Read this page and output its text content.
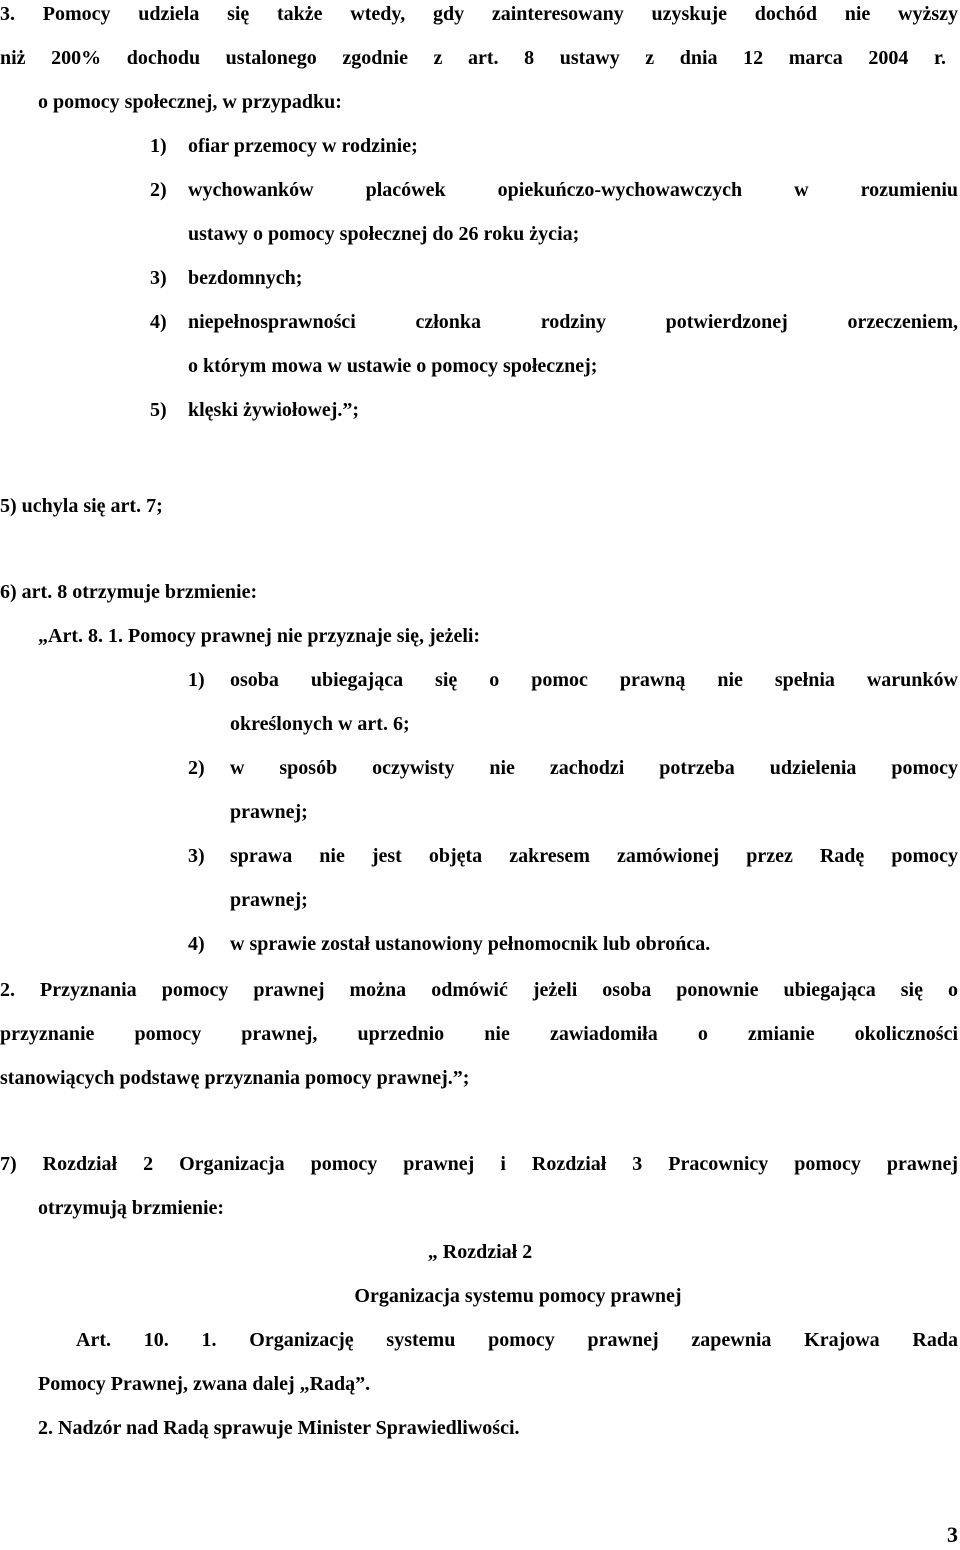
3. Pomocy udziela się także wtedy, gdy zainteresowany uzyskuje dochód nie wyższy
niż 200% dochodu ustalonego zgodnie z art. 8 ustawy z dnia 12 marca 2004 r.
o pomocy społecznej, w przypadku:
1) ofiar przemocy w rodzinie;
2) wychowanków placówek opiekuńczo-wychowawczych w rozumieniu
ustawy o pomocy społecznej do 26 roku życia;
3) bezdomnych;
4) niepełnosprawności członka rodziny potwierdzonej orzeczeniem,
o którym mowa w ustawie o pomocy społecznej;
5) klęski żywiołowej.”;
5) uchyla się art. 7;
6) art. 8 otrzymuje brzmienie:
„Art. 8. 1. Pomocy prawnej nie przyznaje się, jeżeli:
1) osoba ubiegająca się o pomoc prawną nie spełnia warunków
określonych w art. 6;
2) w sposób oczywisty nie zachodzi potrzeba udzielenia pomocy
prawnej;
3) sprawa nie jest objęta zakresem zamówionej przez Radę pomocy
prawnej;
4) w sprawie został ustanowiony pełnomocnik lub obrońca.
2. Przyznania pomocy prawnej można odmówić jeżeli osoba ponownie ubiegająca się o
przyznanie pomocy prawnej, uprzednio nie zawiadomiła o zmianie okoliczności
stanowiących podstawę przyznania pomocy prawnej.”;
7) Rozdział 2 Organizacja pomocy prawnej i Rozdział 3 Pracownicy pomocy prawnej
otrzymują brzmienie:
„ Rozdział 2
Organizacja systemu pomocy prawnej
Art. 10. 1. Organizację systemu pomocy prawnej zapewnia Krajowa Rada
Pomocy Prawnej, zwana dalej „Radą”.
2. Nadzór nad Radą sprawuje Minister Sprawiedliwości.
3
